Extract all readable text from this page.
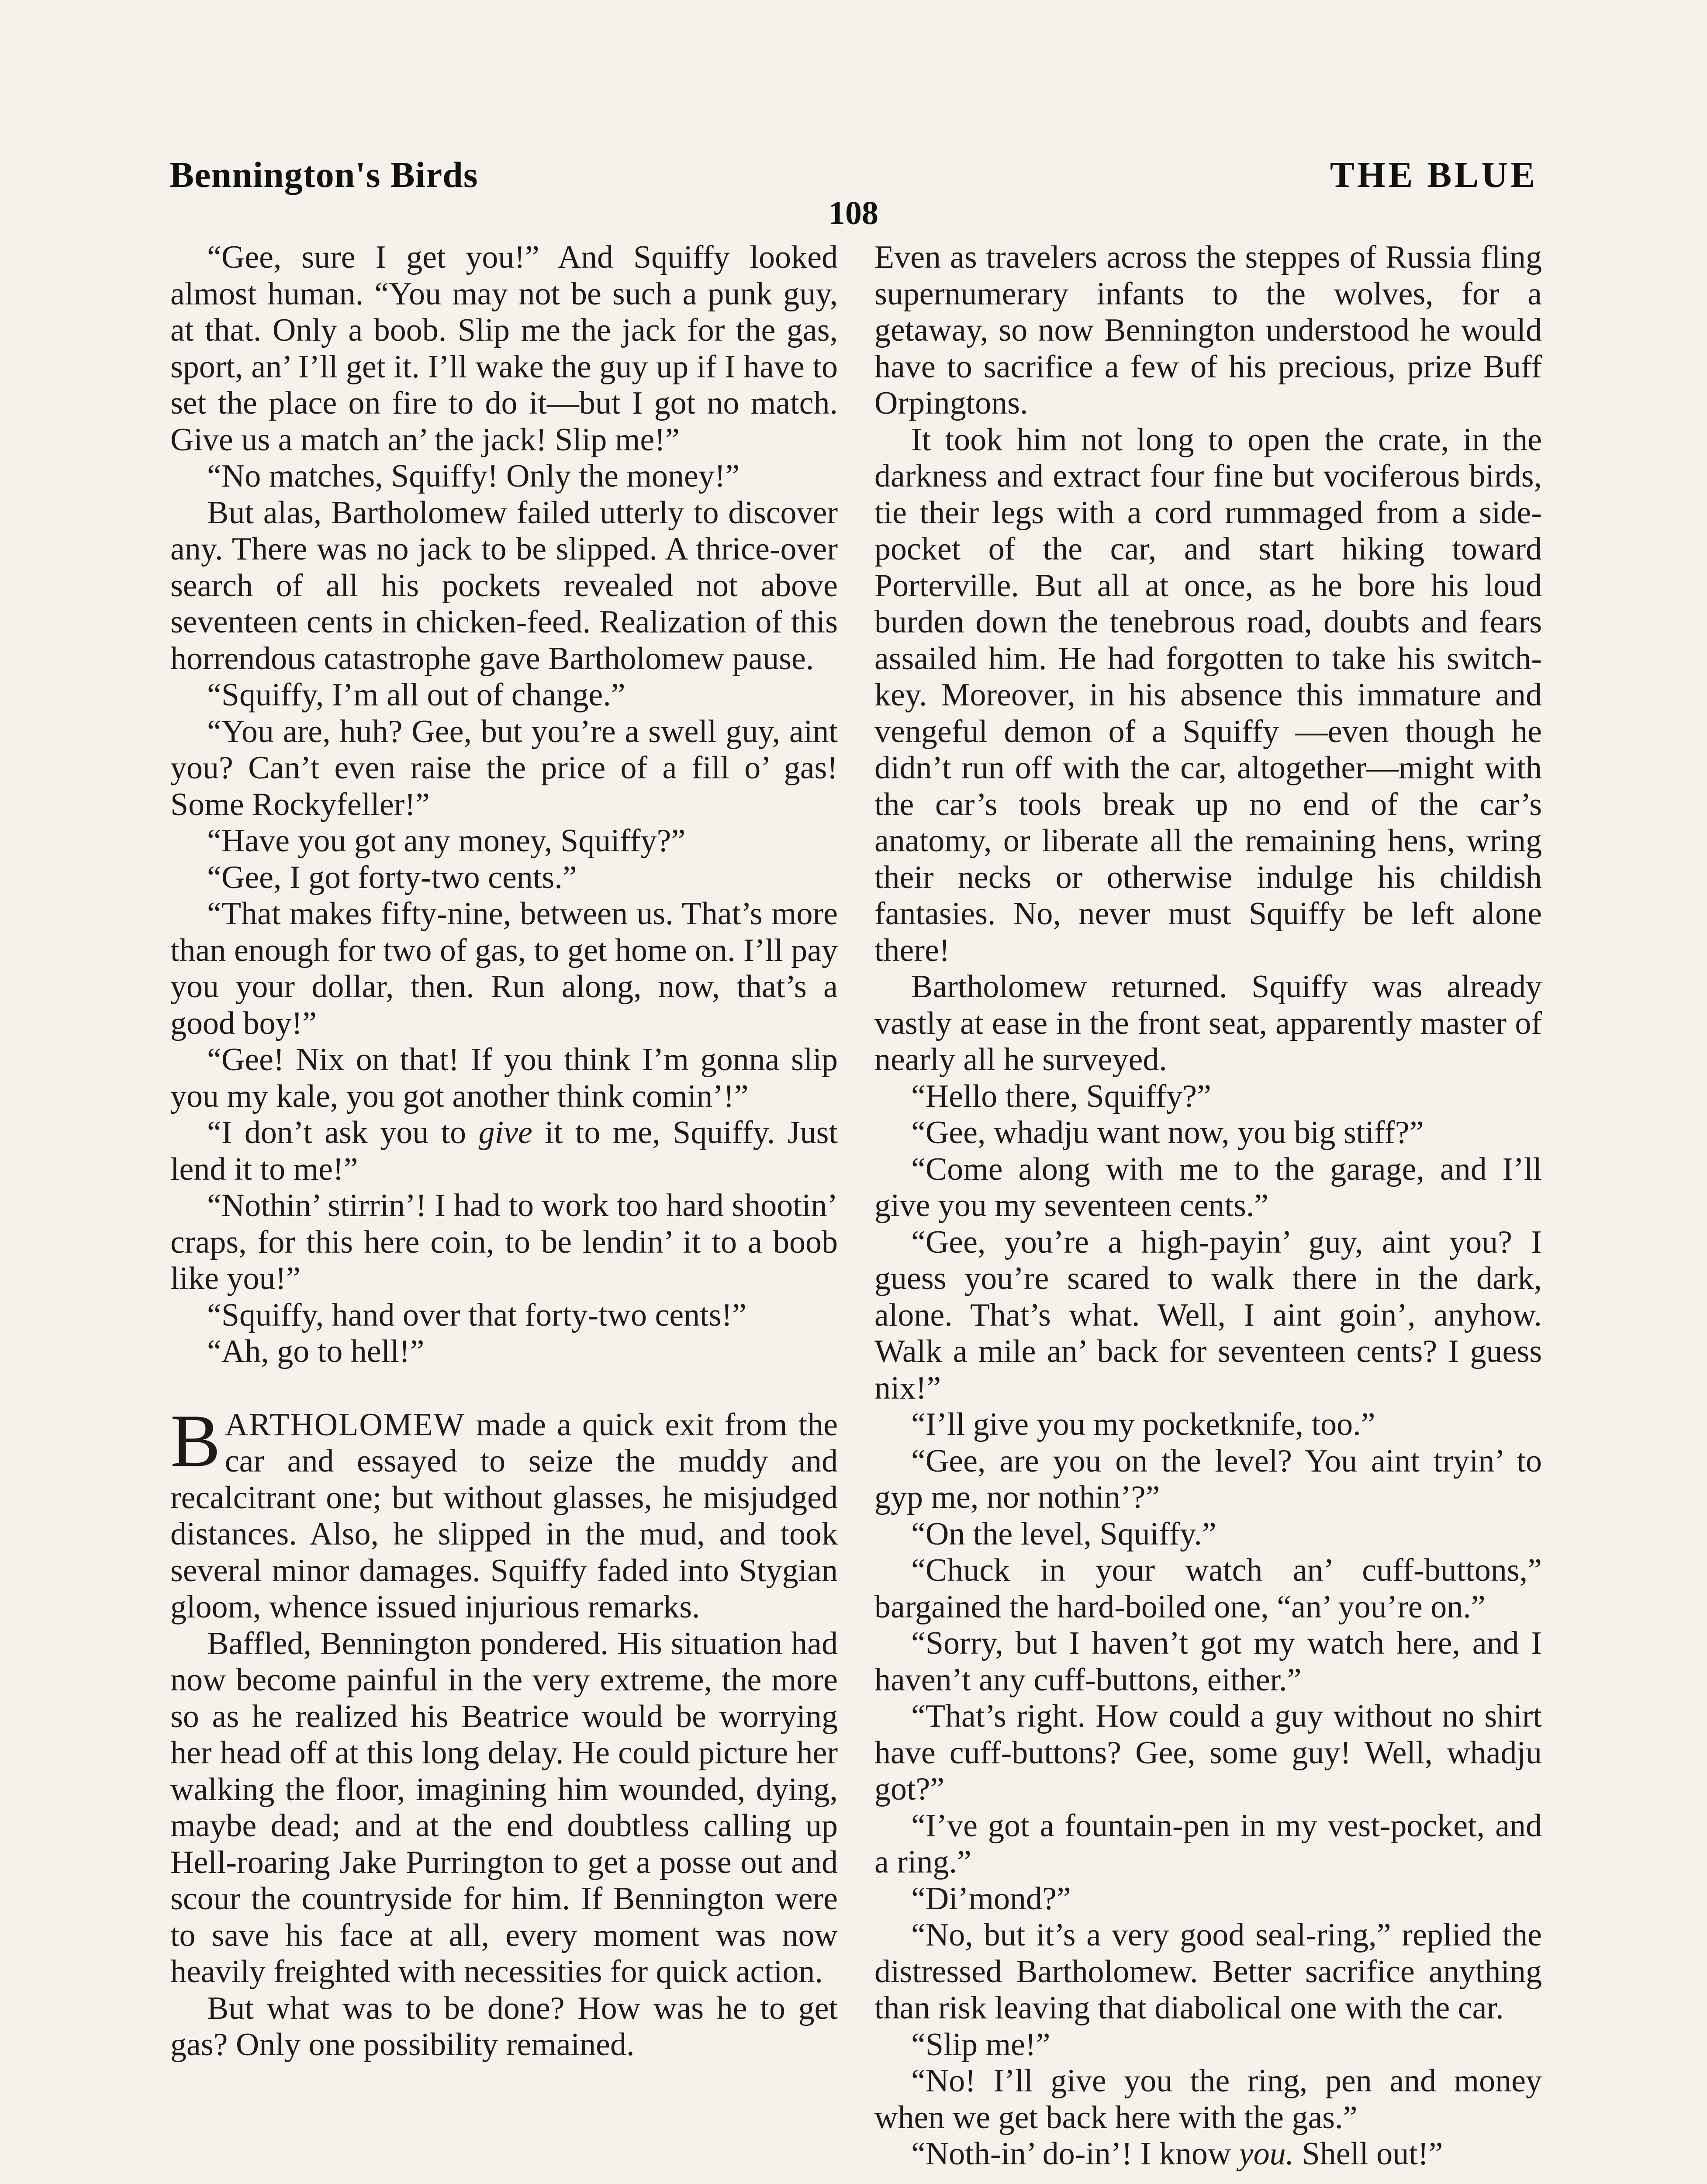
Bennington's Birds	THE BLUE
108

“Gee, sure I get you!” And Squiffy looked almost human. “You may not be such a punk guy, at that. Only a boob. Slip me the jack for the gas, sport, an’ I’ll get it. I’ll wake the guy up if I have to set the place on fire to do it—but I got no match. Give us a match an’ the jack! Slip me!”

“No matches, Squiffy! Only the money!”

But alas, Bartholomew failed utterly to discover any. There was no jack to be slipped. A thrice-over search of all his pockets revealed not above seventeen cents in chicken-feed. Realization of this horrendous catastrophe gave Bartholomew pause.

“Squiffy, I’m all out of change.”

“You are, huh? Gee, but you’re a swell guy, aint you? Can’t even raise the price of a fill o’ gas! Some Rockyfeller!”

“Have you got any money, Squiffy?”

“Gee, I got forty-two cents.”

“That makes fifty-nine, between us. That’s more than enough for two of gas, to get home on. I’ll pay you your dollar, then. Run along, now, that’s a good boy!”

“Gee! Nix on that! If you think I’m gonna slip you my kale, you got another think comin’!”

“I don’t ask you to give it to me, Squiffy. Just lend it to me!”

“Nothin’ stirrin’! I had to work too hard shootin’ craps, for this here coin, to be lendin’ it to a boob like you!”

“Squiffy, hand over that forty-two cents!”

“Ah, go to hell!”

BARTHOLOMEW made a quick exit from the car and essayed to seize the muddy and recalcitrant one; but without glasses, he misjudged distances. Also, he slipped in the mud, and took several minor damages. Squiffy faded into Stygian gloom, whence issued injurious remarks.

Baffled, Bennington pondered. His situation had now become painful in the very extreme, the more so as he realized his Beatrice would be worrying her head off at this long delay. He could picture her walking the floor, imagining him wounded, dying, maybe dead; and at the end doubtless calling up Hell-roaring Jake Purrington to get a posse out and scour the countryside for him. If Bennington were to save his face at all, every moment was now heavily freighted with necessities for quick action.

But what was to be done? How was he to get gas? Only one possibility remained.

Even as travelers across the steppes of Russia fling supernumerary infants to the wolves, for a getaway, so now Bennington understood he would have to sacrifice a few of his precious, prize Buff Orpingtons.

It took him not long to open the crate, in the darkness and extract four fine but vociferous birds, tie their legs with a cord rummaged from a side-pocket of the car, and start hiking toward Porterville. But all at once, as he bore his loud burden down the tenebrous road, doubts and fears assailed him. He had forgotten to take his switch-key. Moreover, in his absence this immature and vengeful demon of a Squiffy —even though he didn’t run off with the car, altogether—might with the car’s tools break up no end of the car’s anatomy, or liberate all the remaining hens, wring their necks or otherwise indulge his childish fantasies. No, never must Squiffy be left alone there!

Bartholomew returned. Squiffy was already vastly at ease in the front seat, apparently master of nearly all he surveyed.

“Hello there, Squiffy?”

“Gee, whadju want now, you big stiff?”

“Come along with me to the garage, and I’ll give you my seventeen cents.”

“Gee, you’re a high-payin’ guy, aint you? I guess you’re scared to walk there in the dark, alone. That’s what. Well, I aint goin’, anyhow. Walk a mile an’ back for seventeen cents? I guess nix!”

“I’ll give you my pocketknife, too.”

“Gee, are you on the level? You aint tryin’ to gyp me, nor nothin’?”

“On the level, Squiffy.”

“Chuck in your watch an’ cuff-buttons,” bargained the hard-boiled one, “an’ you’re on.”

“Sorry, but I haven’t got my watch here, and I haven’t any cuff-buttons, either.”

“That’s right. How could a guy without no shirt have cuff-buttons? Gee, some guy! Well, whadju got?”

“I’ve got a fountain-pen in my vest-pocket, and a ring.”

“Di’mond?”

“No, but it’s a very good seal-ring,” replied the distressed Bartholomew. Better sacrifice anything than risk leaving that diabolical one with the car.

“Slip me!”

“No! I’ll give you the ring, pen and money when we get back here with the gas.”

“Noth-in’ do-in’! I know you. Shell out!”
